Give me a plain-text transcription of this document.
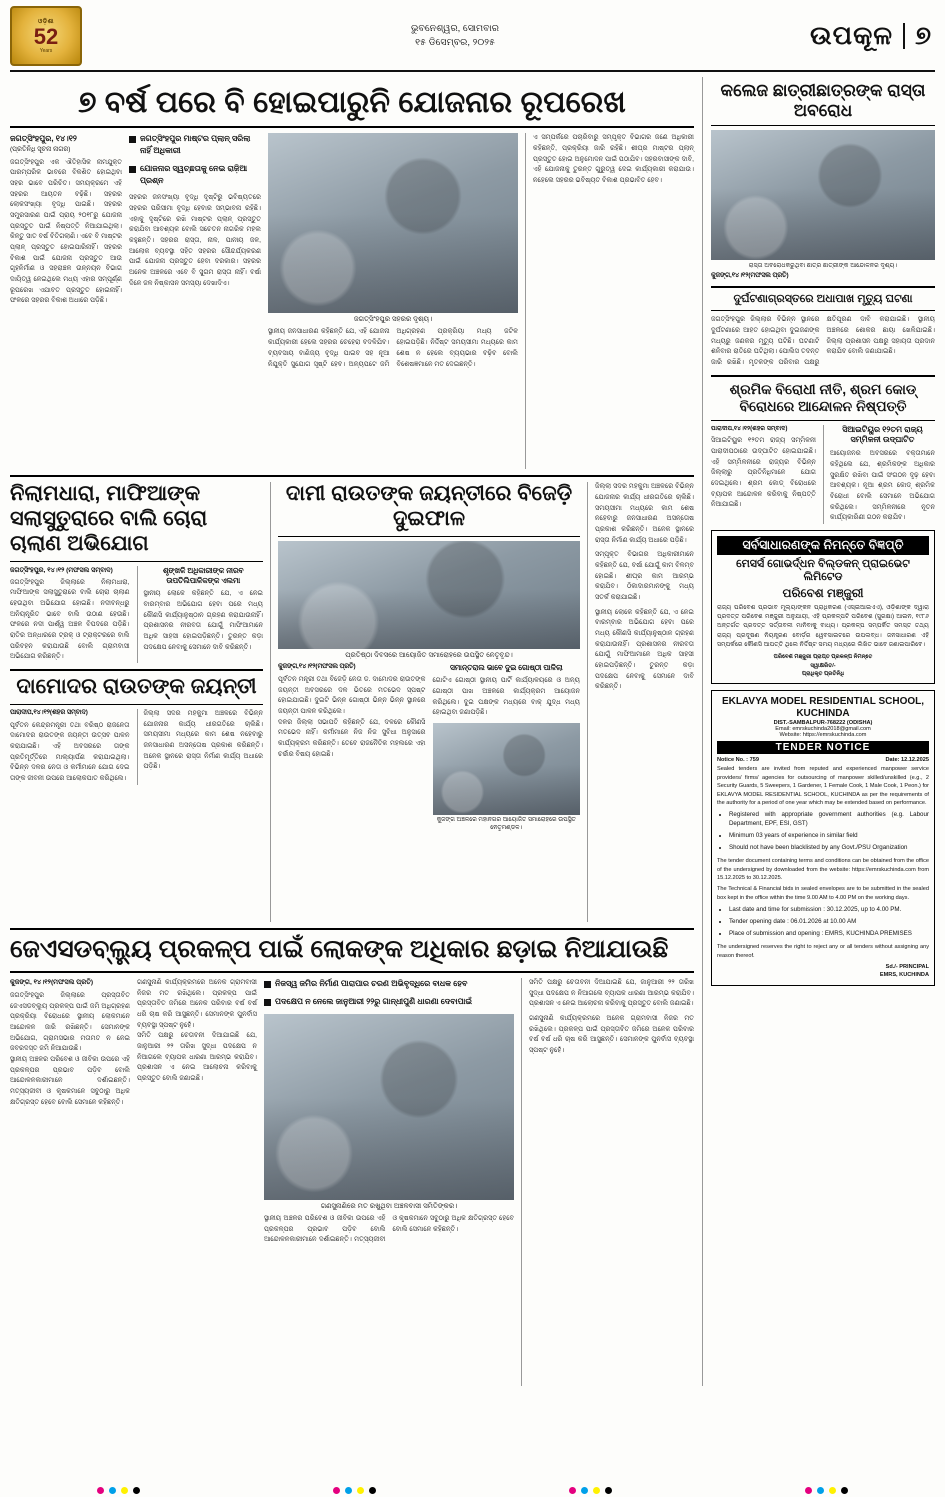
ଓଡ଼ିଶା
52
Years
ଭୁବନେଶ୍ୱର, ସୋମବାର
୧୫ ଡିସେମ୍ବର, ୨୦୨୫	ଉପକୂଳ ୭
୭ ବର୍ଷ ପରେ ବି ହୋଇପାରୁନି ଯୋଜନାର ରୂପରେଖ
ଜଗତ୍‌ସିଂହପୁର, ୧୪।୧୨
(ପ୍ରତିନିଧି ସୂଚନା ନାଗର)
ଜଗତ୍‌ସିଂହପୁର ଏକ ଐତିହାସିକ ନାମଯୁକ୍ତ ପାରମ୍ପରିକ ଭାବରେ ବିକଶିତ ହୋଇଥିବା ସହର ଭାବେ ପରିଚିତ। ସମୟକ୍ରମେ ଏହି ସହରର ଆୟତନ ବଢ଼ିଛି। ସହରର ଲୋକସଂଖ୍ୟା ବୃଦ୍ଧି ପାଇଛି। ସହରର ସମ୍ପ୍ରସାରଣ ପାଇଁ ପ୍ରାୟ ୨୦୧୮ରୁ ଯୋଜନା ପ୍ରସ୍ତୁତ ପାଇଁ ନିଷ୍ପତ୍ତି ନିଆଯାଇଥିଲା। କିନ୍ତୁ ସାତ ବର୍ଷ ବିତିଗଲାଣି। ଏବେ ବି ମାଷ୍ଟର ପ୍ଲାନ୍ ପ୍ରସ୍ତୁତ ହୋଇପାରିନାହିଁ। ସହରର ବିକାଶ ପାଇଁ ଯୋଜନା ପ୍ରସ୍ତୁତ ଆଉ ଗୃହନିର୍ମାଣ ଓ ସହରାଞ୍ଚଳ ଉନ୍ନୟନ ବିଭାଗ ଦାୟିତ୍ୱ ନେଇଥିଲେ ମଧ୍ୟ ଏହାର ସମ୍ପୂର୍ଣ୍ଣ ରୂପରେଖ ଏଯାବତ ପ୍ରସ୍ତୁତ ହୋଇନାହିଁ। ଫଳରେ ସହରର ବିକାଶ ଅଧାରେ ପଡ଼ିଛି।
ଜଗତ୍‌ସିଂହପୁର ମାଷ୍ଟର ପ୍ଲାନ୍ ସରିଲା ନାହିଁ ଅଧିକାରୀ
ଯୋଜନାର ସ୍ୱଚ୍ଛତାକୁ ନେଇ ରାଜି଼ଆ ପ୍ରଶ୍ନ
ସହରର ଜନସଂଖ୍ୟା ବୃଦ୍ଧି ଦୃଷ୍ଟିରୁ ଭବିଷ୍ୟତରେ ସହରର ପରିସୀମା ବୃଦ୍ଧି ହେବାର ସମ୍ଭାବନା ରହିଛି। ଏହାକୁ ଦୃଷ୍ଟିରେ ରଖି ମାଷ୍ଟର ପ୍ଲାନ୍ ପ୍ରସ୍ତୁତ କରାଯିବା ଆବଶ୍ୟକ ବୋଲି ସଚେତନ ନାଗରିକ ମହଲ କହୁଛନ୍ତି। ସହରର ରାସ୍ତା, ନାଳ, ପାନୀୟ ଜଳ, ଆଲୋକ ବ୍ୟବସ୍ଥା ସହିତ ସହରର ସୌନ୍ଦର୍ଯ୍ୟକରଣ ପାଇଁ ଯୋଜନା ପ୍ରସ୍ତୁତ ହେବା ଦରକାର। ସହରର ଅନେକ ଅଞ୍ଚଳରେ ଏବେ ବି ସୁଗମ ରାସ୍ତା ନାହିଁ। ବର୍ଷା ଦିନେ ଜଳ ନିଷ୍କାସନ ସମସ୍ୟା ଦେଖାଦିଏ।
ଜଗତ୍‌ସିଂହପୁର ସହରର ଦୃଶ୍ୟ।
ସ୍ଥାନୀୟ ଜନସାଧାରଣ କହିଛନ୍ତି ଯେ, ଏହି ଯୋଜନା କାର୍ଯ୍ୟକାରୀ ହେଲେ ସହରର ଚେହେରା ବଦଳିଯିବ। ବ୍ୟବସାୟ ବାଣିଜ୍ୟ ବୃଦ୍ଧି ପାଇବ ସହ ନୂଆ ନିଯୁକ୍ତି ସୁଯୋଗ ସୃଷ୍ଟି ହେବ। ଅନ୍ୟପଟେ ଜମି ଅଧିଗ୍ରହଣ ପ୍ରକ୍ରିୟା ମଧ୍ୟ ଜଟିଳ ହୋଇପଡ଼ିଛି। ନିର୍ଦ୍ଦିଷ୍ଟ ସମୟସୀମା ମଧ୍ୟରେ କାମ ଶେଷ ନ ହେଲେ ବ୍ୟୟଭାର ବଢ଼ିବ ବୋଲି ବିଶେଷଜ୍ଞମାନେ ମତ ଦେଇଛନ୍ତି।
ଏ ସମ୍ପର୍କରେ ପଚାରିବାରୁ ସମ୍ପୃକ୍ତ ବିଭାଗର ଜଣେ ଅଧିକାରୀ କହିଛନ୍ତି, ପ୍ରକ୍ରିୟା ଜାରି ରହିଛି। ଶୀଘ୍ର ମାଷ୍ଟର ପ୍ଲାନ୍ ପ୍ରସ୍ତୁତ ହୋଇ ଅନୁମୋଦନ ପାଇଁ ପଠାଯିବ। ସହରବାସୀଙ୍କ ଦାବି, ଏହି ଯୋଜନାକୁ ତୁରନ୍ତ ଗୁରୁତ୍ୱ ଦେଇ କାର୍ଯ୍ୟକାରୀ କରାଯାଉ। ନହେଲେ ସହରର ଭବିଷ୍ୟତ ବିକାଶ ପ୍ରଭାବିତ ହେବ।
ନିଲାମଧାରା, ମାଫିଆଙ୍କ ସଲାସୁତୁରାରେ ବାଲି ଚୋରା ଚାଲାଣ ଅଭିଯୋଗ
ଜଗତ୍‌ସିଂହପୁର, ୧୪।୧୨ (ମଫସଲ ସମ୍ବାଦ)
ଜଗତ୍‌ସିଂହପୁର ଜିଲ୍ଲାରେ ନିଲାମଧାରା, ମାଫିଆଙ୍କ ସଲାସୁତୁରାରେ ବାଲି ଚୋରା ଚାଲାଣ ହେଉଥିବା ଅଭିଯୋଗ ହୋଇଛି। ନଦୀବନ୍ଧରୁ ଅନିୟନ୍ତ୍ରିତ ଭାବେ ବାଲି ଉଠାଣ ହେଉଛି। ଫଳରେ ନଦୀ ପାର୍ଶ୍ୱ ଅଞ୍ଚଳ ବିପଦରେ ପଡ଼ିଛି। ରାତିର ଅନ୍ଧାରରେ ଟ୍ରକ୍ ଓ ଟ୍ରାକ୍ଟରରେ ବାଲି ପରିବହନ କରାଯାଉଛି ବୋଲି ଗ୍ରାମବାସୀ ଅଭିଯୋଗ କରିଛନ୍ତି।
ଶୃଙ୍ଖଳି ଅଧିକାରୀଙ୍କ ନୀରବ ଉପତିଲିପାଳିକଙ୍କ ଏଲମା
ସ୍ଥାନୀୟ ଲୋକେ କହିଛନ୍ତି ଯେ, ଏ ନେଇ ବାରମ୍ବାର ଅଭିଯୋଗ ହେବା ପରେ ମଧ୍ୟ କୌଣସି କାର୍ଯ୍ୟାନୁଷ୍ଠାନ ଗ୍ରହଣ କରାଯାଉନାହିଁ। ପ୍ରଶାସନର ନୀରବତା ଯୋଗୁଁ ମାଫିଆମାନେ ଅଧିକ ସାହସୀ ହୋଇପଡ଼ିଛନ୍ତି। ତୁରନ୍ତ କଡ଼ା ପଦକ୍ଷେପ ନେବାକୁ ସେମାନେ ଦାବି କରିଛନ୍ତି।
ଦାମୋଦର ରାଉତଙ୍କ ଜୟନ୍ତୀ
ପାରାଦୀପ,୧୪।୧୨(ଶହର ସମ୍ବାଦ)
ପୂର୍ବତନ କେନ୍ଦ୍ରମନ୍ତ୍ରୀ ତଥା ବରିଷ୍ଠ ରାଜନେତା ଦାମୋଦର ରାଉତଙ୍କ ଜୟନ୍ତୀ ଉତ୍ସବ ପାଳନ କରାଯାଇଛି। ଏହି ଅବସରରେ ତାଙ୍କ ପ୍ରତିମୂର୍ତ୍ତିରେ ମାଲ୍ୟାର୍ପଣ କରାଯାଇଥିଲା। ବିଭିନ୍ନ ଦଳର ନେତା ଓ କର୍ମୀମାନେ ଯୋଗ ଦେଇ ତାଙ୍କ ଜୀବନୀ ଉପରେ ଆଲୋକପାତ କରିଥିଲେ।
ଜିଲ୍ଲା ସଦର ମହକୁମା ଅଞ୍ଚଳରେ ବିଭିନ୍ନ ଯୋଜନାର କାର୍ଯ୍ୟ ଧୀରଗତିରେ ଚାଲିଛି। ସମୟସୀମା ମଧ୍ୟରେ କାମ ଶେଷ ନହେବାରୁ ଜନସାଧାରଣ ଅସନ୍ତୋଷ ପ୍ରକାଶ କରିଛନ୍ତି। ଅନେକ ସ୍ଥାନରେ ରାସ୍ତା ନିର୍ମାଣ କାର୍ଯ୍ୟ ଅଧାରେ ପଡ଼ିଛି।
ଦାମୀ ରାଉତଙ୍କ ଜୟନ୍ତୀରେ ବିଜେଡ଼ି ଦୁଇଫାଳ
ପ୍ରତିଷ୍ଠା ଦିବସରେ ଆୟୋଜିତ ସମାରୋହରେ ଉପସ୍ଥିତ ନେତୃବୃନ୍ଦ।
କୁଜଙ୍ଗ,୧୪।୧୨(ମଫସଲ ପ୍ରତି)
ପୂର୍ବତନ ମନ୍ତ୍ରୀ ତଥା ବିଜେଡ଼ି ନେତା ଡ. ଦାମୋଦର ରାଉତଙ୍କ ଜୟନ୍ତୀ ଅବସରରେ ଦଳ ଭିତରେ ମତଭେଦ ସ୍ପଷ୍ଟ ହୋଇଯାଇଛି। ଦୁଇଟି ଭିନ୍ନ ଗୋଷ୍ଠୀ ଭିନ୍ନ ଭିନ୍ନ ସ୍ଥାନରେ ଜୟନ୍ତୀ ପାଳନ କରିଥିଲେ।
ଦଳର ଜିଲ୍ଲା ସଭାପତି କହିଛନ୍ତି ଯେ, ଦଳରେ କୌଣସି ମତଭେଦ ନାହିଁ। କର୍ମୀମାନେ ନିଜ ନିଜ ସୁବିଧା ଅନୁସାରେ କାର୍ଯ୍ୟକ୍ରମ କରିଛନ୍ତି। ତେବେ ରାଜନୈତିକ ମହଲରେ ଏହା ଚର୍ଚ୍ଚାର ବିଷୟ ହୋଇଛି।
ସମାନ୍ତରାଲ ଭାବେ ଦୁଇ ଗୋଷ୍ଠୀ ପାଳିଲା
ଗୋଟିଏ ଗୋଷ୍ଠୀ ସ୍ଥାନୀୟ ପାର୍ଟି କାର୍ଯ୍ୟାଳୟରେ ଓ ଅନ୍ୟ ଗୋଷ୍ଠୀ ପାଖ ଅଞ୍ଚଳରେ କାର୍ଯ୍ୟକ୍ରମ ଆୟୋଜନ କରିଥିଲେ। ଦୁଇ ପକ୍ଷଙ୍କ ମଧ୍ୟରେ ବାକ୍ ଯୁଦ୍ଧ ମଧ୍ୟ ହୋଇଥିବା ଜଣାପଡ଼ିଛି।
କୁଜଙ୍ଗ ଅଞ୍ଚଳରେ ମହାନଗର ଆୟୋଜିତ ସମାରୋହରେ ଉପସ୍ଥିତ ନେତୃମଣ୍ଡଳ।
ଜିଲ୍ଲା ସଦର ମହକୁମା ଅଞ୍ଚଳରେ ବିଭିନ୍ନ ଯୋଜନାର କାର୍ଯ୍ୟ ଧୀରଗତିରେ ଚାଲିଛି। ସମୟସୀମା ମଧ୍ୟରେ କାମ ଶେଷ ନହେବାରୁ ଜନସାଧାରଣ ଅସନ୍ତୋଷ ପ୍ରକାଶ କରିଛନ୍ତି। ଅନେକ ସ୍ଥାନରେ ରାସ୍ତା ନିର୍ମାଣ କାର୍ଯ୍ୟ ଅଧାରେ ପଡ଼ିଛି।
ସମ୍ପୃକ୍ତ ବିଭାଗର ଅଧିକାରୀମାନେ କହିଛନ୍ତି ଯେ, ବର୍ଷା ଯୋଗୁଁ କାମ ବିଳମ୍ବ ହୋଇଛି। ଶୀଘ୍ର କାମ ଆରମ୍ଭ କରାଯିବ। ଠିକାଦାରମାନଙ୍କୁ ମଧ୍ୟ ସତର୍କ କରାଯାଇଛି।
ସ୍ଥାନୀୟ ଲୋକେ କହିଛନ୍ତି ଯେ, ଏ ନେଇ ବାରମ୍ବାର ଅଭିଯୋଗ ହେବା ପରେ ମଧ୍ୟ କୌଣସି କାର୍ଯ୍ୟାନୁଷ୍ଠାନ ଗ୍ରହଣ କରାଯାଉନାହିଁ। ପ୍ରଶାସନର ନୀରବତା ଯୋଗୁଁ ମାଫିଆମାନେ ଅଧିକ ସାହସୀ ହୋଇପଡ଼ିଛନ୍ତି। ତୁରନ୍ତ କଡ଼ା ପଦକ୍ଷେପ ନେବାକୁ ସେମାନେ ଦାବି କରିଛନ୍ତି।
ଜେଏସଡବ୍ଲ୍ୟୁ ପ୍ରକଳ୍ପ ପାଇଁ ଲୋକଙ୍କ ଅଧିକାର ଛଡ଼ାଇ ନିଆଯାଉଛି
କୁଜଙ୍ଗ, ୧୪।୧୨(ମଫସଲ ପ୍ରତି)
ଜଗତ୍‌ସିଂହପୁର ଜିଲ୍ଲାରେ ପ୍ରସ୍ତାବିତ ଜେଏସଡବ୍ଲ୍ୟୁ ପ୍ରକଳ୍ପ ପାଇଁ ଜମି ଅଧିଗ୍ରହଣ ପ୍ରକ୍ରିୟା ବିରୋଧରେ ସ୍ଥାନୀୟ ଲୋକମାନେ ଆନ୍ଦୋଳନ ଜାରି ରଖିଛନ୍ତି। ସେମାନଙ୍କ ଅଭିଯୋଗ, ଗ୍ରାମସଭାର ମତାମତ ନ ନେଇ ଜବରଦସ୍ତ ଜମି ନିଆଯାଉଛି।
ସ୍ଥାନୀୟ ଅଞ୍ଚଳର ପରିବେଶ ଓ ଜୀବିକା ଉପରେ ଏହି ପ୍ରକଳ୍ପର ପ୍ରଭାବ ପଡ଼ିବ ବୋଲି ଆନ୍ଦୋଳନକାରୀମାନେ ଦର୍ଶାଇଛନ୍ତି। ମତ୍ସ୍ୟଜୀବୀ ଓ କୃଷକମାନେ ସବୁଠାରୁ ଅଧିକ କ୍ଷତିଗ୍ରସ୍ତ ହେବେ ବୋଲି ସେମାନେ କହିଛନ୍ତି।
ଗଣସୁନାଣି କାର୍ଯ୍ୟକ୍ରମରେ ଅନେକ ଗ୍ରାମବାସୀ ନିଜର ମତ ରଖିଥିଲେ। ପ୍ରକଳ୍ପ ପାଇଁ ପ୍ରସ୍ତାବିତ ଜମିରେ ଅନେକ ପରିବାର ବର୍ଷ ବର୍ଷ ଧରି ଚାଷ କରି ଆସୁଛନ୍ତି। ସେମାନଙ୍କ ପୁନର୍ବାସ ବ୍ୟବସ୍ଥା ସ୍ପଷ୍ଟ ନୁହେଁ।
ସମିତି ପକ୍ଷରୁ ଚେତାବନୀ ଦିଆଯାଇଛି ଯେ, ଜାନୁଆରୀ ୨୨ ତାରିଖ ସୁଦ୍ଧା ପଦକ୍ଷେପ ନ ନିଆଗଲେ ବ୍ୟାପକ ଧାରଣା ଆରମ୍ଭ କରାଯିବ। ପ୍ରଶାସନ ଏ ନେଇ ଆଲୋଚନା କରିବାକୁ ପ୍ରସ୍ତୁତ ବୋଲି ଜଣାଇଛି।
ନିଜସ୍ୱ ଜମିର ନିର୍ମାଣ ପାରାପାର ଚରଣ ଅଭିବୃଦ୍ଧିରେ ବାଧକ ହେବ
ପଦକ୍ଷେପ ନ ନେଲେ ଜାନୁଆରୀ ୨୨ରୁ ଗାନ୍ଧୀପୁଣି ଧାରଣା ଦେବାପାଇଁ
ଗଣସୁନାଣିରେ ମତ ରଖୁଥିବା ଅଞ୍ଚଳବାସୀ ସମିତିଙ୍କର।
ସ୍ଥାନୀୟ ଅଞ୍ଚଳର ପରିବେଶ ଓ ଜୀବିକା ଉପରେ ଏହି ପ୍ରକଳ୍ପର ପ୍ରଭାବ ପଡ଼ିବ ବୋଲି ଆନ୍ଦୋଳନକାରୀମାନେ ଦର୍ଶାଇଛନ୍ତି। ମତ୍ସ୍ୟଜୀବୀ ଓ କୃଷକମାନେ ସବୁଠାରୁ ଅଧିକ କ୍ଷତିଗ୍ରସ୍ତ ହେବେ ବୋଲି ସେମାନେ କହିଛନ୍ତି।
ସମିତି ପକ୍ଷରୁ ଚେତାବନୀ ଦିଆଯାଇଛି ଯେ, ଜାନୁଆରୀ ୨୨ ତାରିଖ ସୁଦ୍ଧା ପଦକ୍ଷେପ ନ ନିଆଗଲେ ବ୍ୟାପକ ଧାରଣା ଆରମ୍ଭ କରାଯିବ। ପ୍ରଶାସନ ଏ ନେଇ ଆଲୋଚନା କରିବାକୁ ପ୍ରସ୍ତୁତ ବୋଲି ଜଣାଇଛି।
ଗଣସୁନାଣି କାର୍ଯ୍ୟକ୍ରମରେ ଅନେକ ଗ୍ରାମବାସୀ ନିଜର ମତ ରଖିଥିଲେ। ପ୍ରକଳ୍ପ ପାଇଁ ପ୍ରସ୍ତାବିତ ଜମିରେ ଅନେକ ପରିବାର ବର୍ଷ ବର୍ଷ ଧରି ଚାଷ କରି ଆସୁଛନ୍ତି। ସେମାନଙ୍କ ପୁନର୍ବାସ ବ୍ୟବସ୍ଥା ସ୍ପଷ୍ଟ ନୁହେଁ।
କଲେଜ ଛାତ୍ରୀଛାତ୍ରଙ୍କ ରାସ୍ତା ଅବରୋଧ
ରାସ୍ତା ଅବରୋଧକରୁଥିବା ଛାତ୍ର ଛାତ୍ରୀଙ୍କ ଆନ୍ଦୋଳନର ଦୃଶ୍ୟ।
କୁଜଙ୍ଗ,୧୪।୧୨(ମଫସଲ ପ୍ରତି)
ଦୁର୍ଘଟଣାଗ୍ରସ୍ତରେ ଅଧାପାଖ ମୃତ୍ୟୁ ଘଟଣା
ଜଗତ୍‌ସିଂହପୁର ଜିଲ୍ଲାର ବିଭିନ୍ନ ସ୍ଥାନରେ ଦୁର୍ଘଟଣାରେ ଆହତ ହୋଇଥିବା ଦୁଇଜଣଙ୍କ ମଧ୍ୟରୁ ଜଣକର ମୃତ୍ୟୁ ଘଟିଛି। ଘଟଣାଟି ଶନିବାର ରାତିରେ ଘଟିଥିଲା। ପୋଲିସ ତଦନ୍ତ ଜାରି ରଖିଛି। ମୃତକଙ୍କ ପରିବାର ପକ୍ଷରୁ କ୍ଷତିପୂରଣ ଦାବି କରାଯାଇଛି। ସ୍ଥାନୀୟ ଅଞ୍ଚଳରେ ଶୋକର ଛାୟା ଖେଳିଯାଇଛି। ଜିଲ୍ଲା ପ୍ରଶାସନ ପକ୍ଷରୁ ସହାୟତା ପ୍ରଦାନ କରାଯିବ ବୋଲି ଜଣାଯାଇଛି।
ଶ୍ରମିକ ବିରୋଧୀ ନୀତି, ଶ୍ରମ କୋଡ୍ ବିରୋଧରେ ଆନ୍ଦୋଳନ ନିଷ୍ପତ୍ତି
ପାରାଦୀପ,୧୪।୧୨(ଶହର ସମ୍ବାଦ)
ସିଆଇଟିୟୁର ୧୨ତମ ରାଜ୍ୟ ସମ୍ମିଳନୀ ପାରାଦୀପଠାରେ ଉଦ୍‌ଘାଟିତ ହୋଇଯାଇଛି। ଏହି ସମ୍ମିଳନୀରେ ରାଜ୍ୟର ବିଭିନ୍ନ ଜିଲ୍ଲାରୁ ପ୍ରତିନିଧିମାନେ ଯୋଗ ଦେଇଥିଲେ। ଶ୍ରମ କୋଡ୍ ବିରୋଧରେ ବ୍ୟାପକ ଆନ୍ଦୋଳନ କରିବାକୁ ନିଷ୍ପତ୍ତି ନିଆଯାଇଛି।
ସିଆଇଟିୟୁର ୧୨ତମ ରାଜ୍ୟ ସମ୍ମିଳନୀ ଉଦ୍‌ଘାଟିତ
ଆୟୋଜନର ଅବସରରେ ବକ୍ତାମାନେ କହିଥିଲେ ଯେ, ଶ୍ରମିକଙ୍କ ଅଧିକାର ସୁରକ୍ଷିତ ରଖିବା ପାଇଁ ସଂଗଠନ ଦୃଢ଼ ହେବା ଆବଶ୍ୟକ। ନୂଆ ଶ୍ରମ କୋଡ୍ ଶ୍ରମିକ ବିରୋଧୀ ବୋଲି ସେମାନେ ଅଭିଯୋଗ କରିଥିଲେ। ସମ୍ମିଳନୀରେ ନୂତନ କାର୍ଯ୍ୟକାରିଣୀ ଗଠନ କରାଯିବ।
ସର୍ବସାଧାରଣଙ୍କ ନିମନ୍ତେ ବିଜ୍ଞପ୍ତି
ମେସର୍ସ ଗୋଭର୍ଦ୍ଧନ ବିଲ୍ଡକନ୍ ପ୍ରାଇଭେଟ ଲିମିଟେଡ
ପରିବେଶ ମଞ୍ଜୁରୀ
ରାଜ୍ୟ ପରିବେଶ ପ୍ରଭାବ ମୂଲ୍ୟାଙ୍କନ ପ୍ରାଧିକରଣ (ଏସ୍‌ଇଆଇଏଏ), ଓଡ଼ିଶାଙ୍କ ଦ୍ୱାରା ପ୍ରଦତ୍ତ ପରିବେଶ ମଞ୍ଜୁରୀ ଅନୁଯାୟୀ, ଏହି ପ୍ରକଳ୍ପଟି ପରିବେଶ (ସୁରକ୍ଷା) ଆଇନ, ୧୯୮୬ ଅନ୍ତର୍ଗତ ପ୍ରଦତ୍ତ ସର୍ତ୍ତାବଳୀ ମାନିବାକୁ ବାଧ୍ୟ। ପ୍ରକଳ୍ପ ସମ୍ପର୍କିତ ସମସ୍ତ ତଥ୍ୟ ରାଜ୍ୟ ପ୍ରଦୂଷଣ ନିୟନ୍ତ୍ରଣ ବୋର୍ଡ଼ର ୱେବସାଇଟରେ ଉପଲବ୍ଧ। ଜନସାଧାରଣ ଏହି ସମ୍ପର୍କରେ କୌଣସି ଆପତ୍ତି ଥିଲେ ନିର୍ଦ୍ଦିଷ୍ଟ ସମୟ ମଧ୍ୟରେ ଲିଖିତ ଭାବେ ଜଣାଇପାରିବେ।
ପରିବେଶ ମଞ୍ଜୁରୀ ପ୍ରାପ୍ତ ପ୍ରକଳ୍ପ ନିମନ୍ତେ
ସ୍ୱାକ୍ଷରିତ/-
ପ୍ରାଧିକୃତ ପ୍ରତିନିଧି
EKLAVYA MODEL RESIDENTIAL SCHOOL, KUCHINDA
DIST.-SAMBALPUR-768222 (ODISHA)
Email: emrskuchinda2018@gmail.com
Website: https://emrskuchinda.com
TENDER NOTICE
Notice No. : 759	Date: 12.12.2025
Sealed tenders are invited from reputed and experienced manpower service providers/ firms/ agencies for outsourcing of manpower skilled/unskilled (e.g., 2 Security Guards, 5 Sweepers, 1 Gardener, 1 Female Cook, 1 Male Cook, 1 Peon.) for EKLAVYA MODEL RESIDENTIAL SCHOOL, KUCHINDA as per the requirements of the authority for a period of one year which may be extended based on performance.
• Registered with appropriate government authorities (e.g. Labour Department, EPF, ESI, GST)
• Minimum 03 years of experience in similar field
• Should not have been blacklisted by any Govt./PSU Organization
The tender document containing terms and conditions can be obtained from the office of the undersigned by downloaded from the website: https://emrskuchinda.com from 15.12.2025 to 30.12.2025.
The Technical & Financial bids in sealed envelopes are to be submitted in the sealed box kept in the office within the time 9.00 AM to 4.00 PM on the working days.
• Last date and time for submission : 30.12.2025, up to 4.00 PM.
• Tender opening date : 06.01.2026 at 10.00 AM
• Place of submission and opening : EMRS, KUCHINDA PREMISES
The undersigned reserves the right to reject any or all tenders without assigning any reason thereof.
Sd./- PRINCIPAL
EMRS, KUCHINDA
